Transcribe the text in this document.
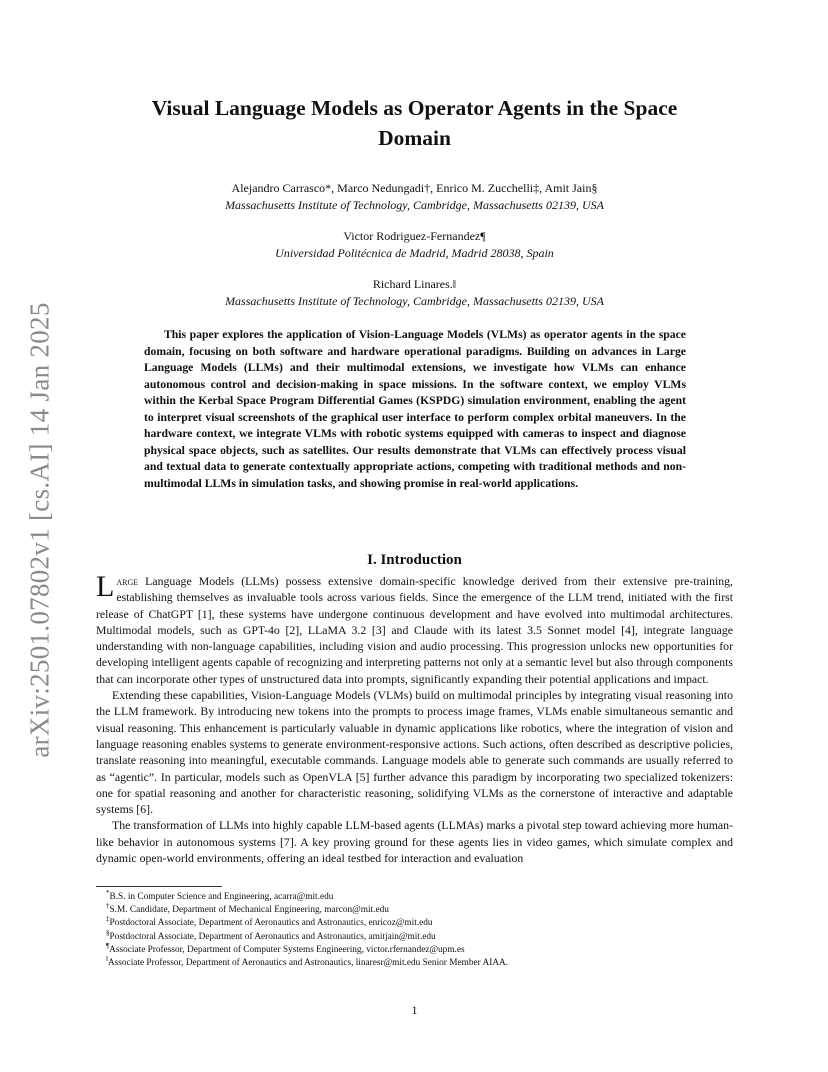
arXiv:2501.07802v1 [cs.AI] 14 Jan 2025
Visual Language Models as Operator Agents in the Space
Domain
Alejandro Carrasco*, Marco Nedungadi†, Enrico M. Zucchelli‡, Amit Jain§
Massachusetts Institute of Technology, Cambridge, Massachusetts 02139, USA
Victor Rodriguez-Fernandez¶
Universidad Politécnica de Madrid, Madrid 28038, Spain
Richard Linares.‖
Massachusetts Institute of Technology, Cambridge, Massachusetts 02139, USA

This paper explores the application of Vision-Language Models (VLMs) as operator agents in the space domain, focusing on both software and hardware operational paradigms. Building on advances in Large Language Models (LLMs) and their multimodal extensions, we investigate how VLMs can enhance autonomous control and decision-making in space missions. In the software context, we employ VLMs within the Kerbal Space Program Differential Games (KSPDG) simulation environment, enabling the agent to interpret visual screenshots of the graphical user interface to perform complex orbital maneuvers. In the hardware context, we integrate VLMs with robotic systems equipped with cameras to inspect and diagnose physical space objects, such as satellites. Our results demonstrate that VLMs can effectively process visual and textual data to generate contextually appropriate actions, competing with traditional methods and non-multimodal LLMs in simulation tasks, and showing promise in real-world applications.

I. Introduction

Large Language Models (LLMs) possess extensive domain-specific knowledge derived from their extensive pre-training, establishing themselves as invaluable tools across various fields. Since the emergence of the LLM trend, initiated with the first release of ChatGPT [1], these systems have undergone continuous development and have evolved into multimodal architectures. Multimodal models, such as GPT-4o [2], LLaMA 3.2 [3] and Claude with its latest 3.5 Sonnet model [4], integrate language understanding with non-language capabilities, including vision and audio processing. This progression unlocks new opportunities for developing intelligent agents capable of recognizing and interpreting patterns not only at a semantic level but also through components that can incorporate other types of unstructured data into prompts, significantly expanding their potential applications and impact.

Extending these capabilities, Vision-Language Models (VLMs) build on multimodal principles by integrating visual reasoning into the LLM framework. By introducing new tokens into the prompts to process image frames, VLMs enable simultaneous semantic and visual reasoning. This enhancement is particularly valuable in dynamic applications like robotics, where the integration of vision and language reasoning enables systems to generate environment-responsive actions. Such actions, often described as descriptive policies, translate reasoning into meaningful, executable commands. Language models able to generate such commands are usually referred to as “agentic”. In particular, models such as OpenVLA [5] further advance this paradigm by incorporating two specialized tokenizers: one for spatial reasoning and another for characteristic reasoning, solidifying VLMs as the cornerstone of interactive and adaptable systems [6].

The transformation of LLMs into highly capable LLM-based agents (LLMAs) marks a pivotal step toward achieving more human-like behavior in autonomous systems [7]. A key proving ground for these agents lies in video games, which simulate complex and dynamic open-world environments, offering an ideal testbed for interaction and evaluation

*B.S. in Computer Science and Engineering, acarra@mit.edu
†S.M. Candidate, Department of Mechanical Engineering, marcon@mit.edu
‡Postdoctoral Associate, Department of Aeronautics and Astronautics, enricoz@mit.edu
§Postdoctoral Associate, Department of Aeronautics and Astronautics, amitjain@mit.edu
¶Associate Professor, Department of Computer Systems Engineering, victor.rfernandez@upm.es
‖Associate Professor, Department of Aeronautics and Astronautics, linaresr@mit.edu Senior Member AIAA.
1
